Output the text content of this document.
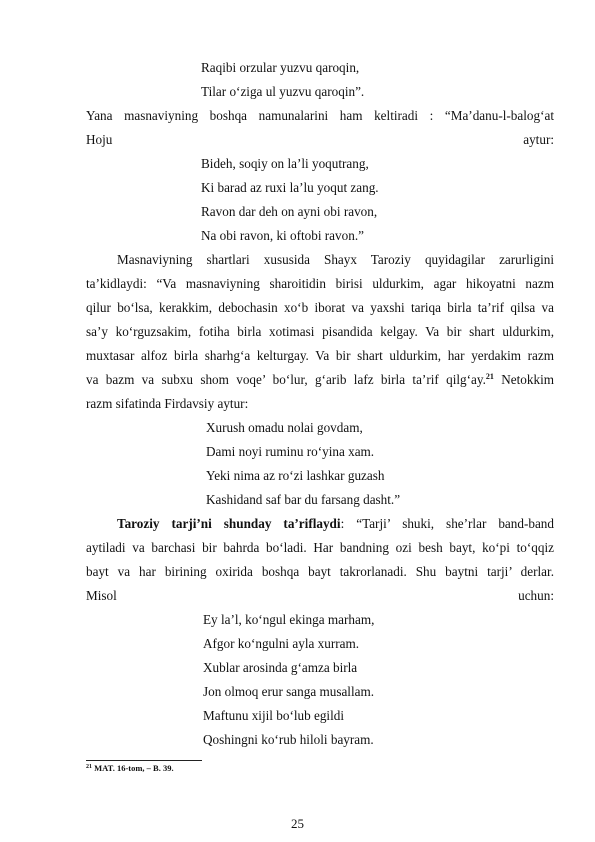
Raqibi orzular yuzvu qaroqin,
Tilar oʻziga ul yuzvu qaroqin”.
Yana masnaviyning boshqa namunalarini ham keltiradi : “Maʼdanu-l-balogʻat
Hoju	aytur:
Bideh, soqiy on laʼli yoqutrang,
Ki barad az ruxi laʼlu yoqut zang.
Ravon dar deh on ayni obi ravon,
Na obi ravon, ki oftobi ravon.”
Masnaviyning shartlari xususida Shayx Taroziy quyidagilar zarurligini
ta’kidlaydi: “Va masnaviyning sharoitidin birisi uldurkim, agar hikoyatni nazm
qilur boʻlsa, kerakkim, debochasin xoʻb iborat va yaxshi tariqa birla taʼrif qilsa va
saʼy koʻrguzsakim, fotiha birla xotimasi pisandida kelgay. Va bir shart uldurkim,
muxtasar alfoz birla sharhgʻa kelturgay. Va bir shart uldurkim, har yerdakim razm
va bazm va subxu shom voqe’ boʻlur, gʻarib lafz birla taʼrif qilgʻay.$^{21}$ Netokkim
razm sifatinda Firdavsiy aytur:
Xurush omadu nolai govdam,
Dami noyi ruminu roʻyina xam.
Yeki nima az roʻzi lashkar guzash
Kashidand saf bar du farsang dasht.”
Taroziy tarji’ni shunday ta’riflaydi: “Tarji’ shuki, she’rlar band-band
aytiladi va barchasi bir bahrda boʻladi. Har bandning ozi besh bayt, koʻpi toʻqqiz
bayt va har birining oxirida boshqa bayt takrorlanadi. Shu baytni tarji’ derlar.
Misol	uchun:
Ey laʼl, koʻngul ekinga marham,
Afgor koʻngulni ayla xurram.
Xublar arosinda gʻamza birla
Jon olmoq erur sanga musallam.
Maftunu xijil boʻlub egildi
Qoshingni koʻrub hiloli bayram.
$^{21}$ MAT. 16-tom, – B. 39.
25
